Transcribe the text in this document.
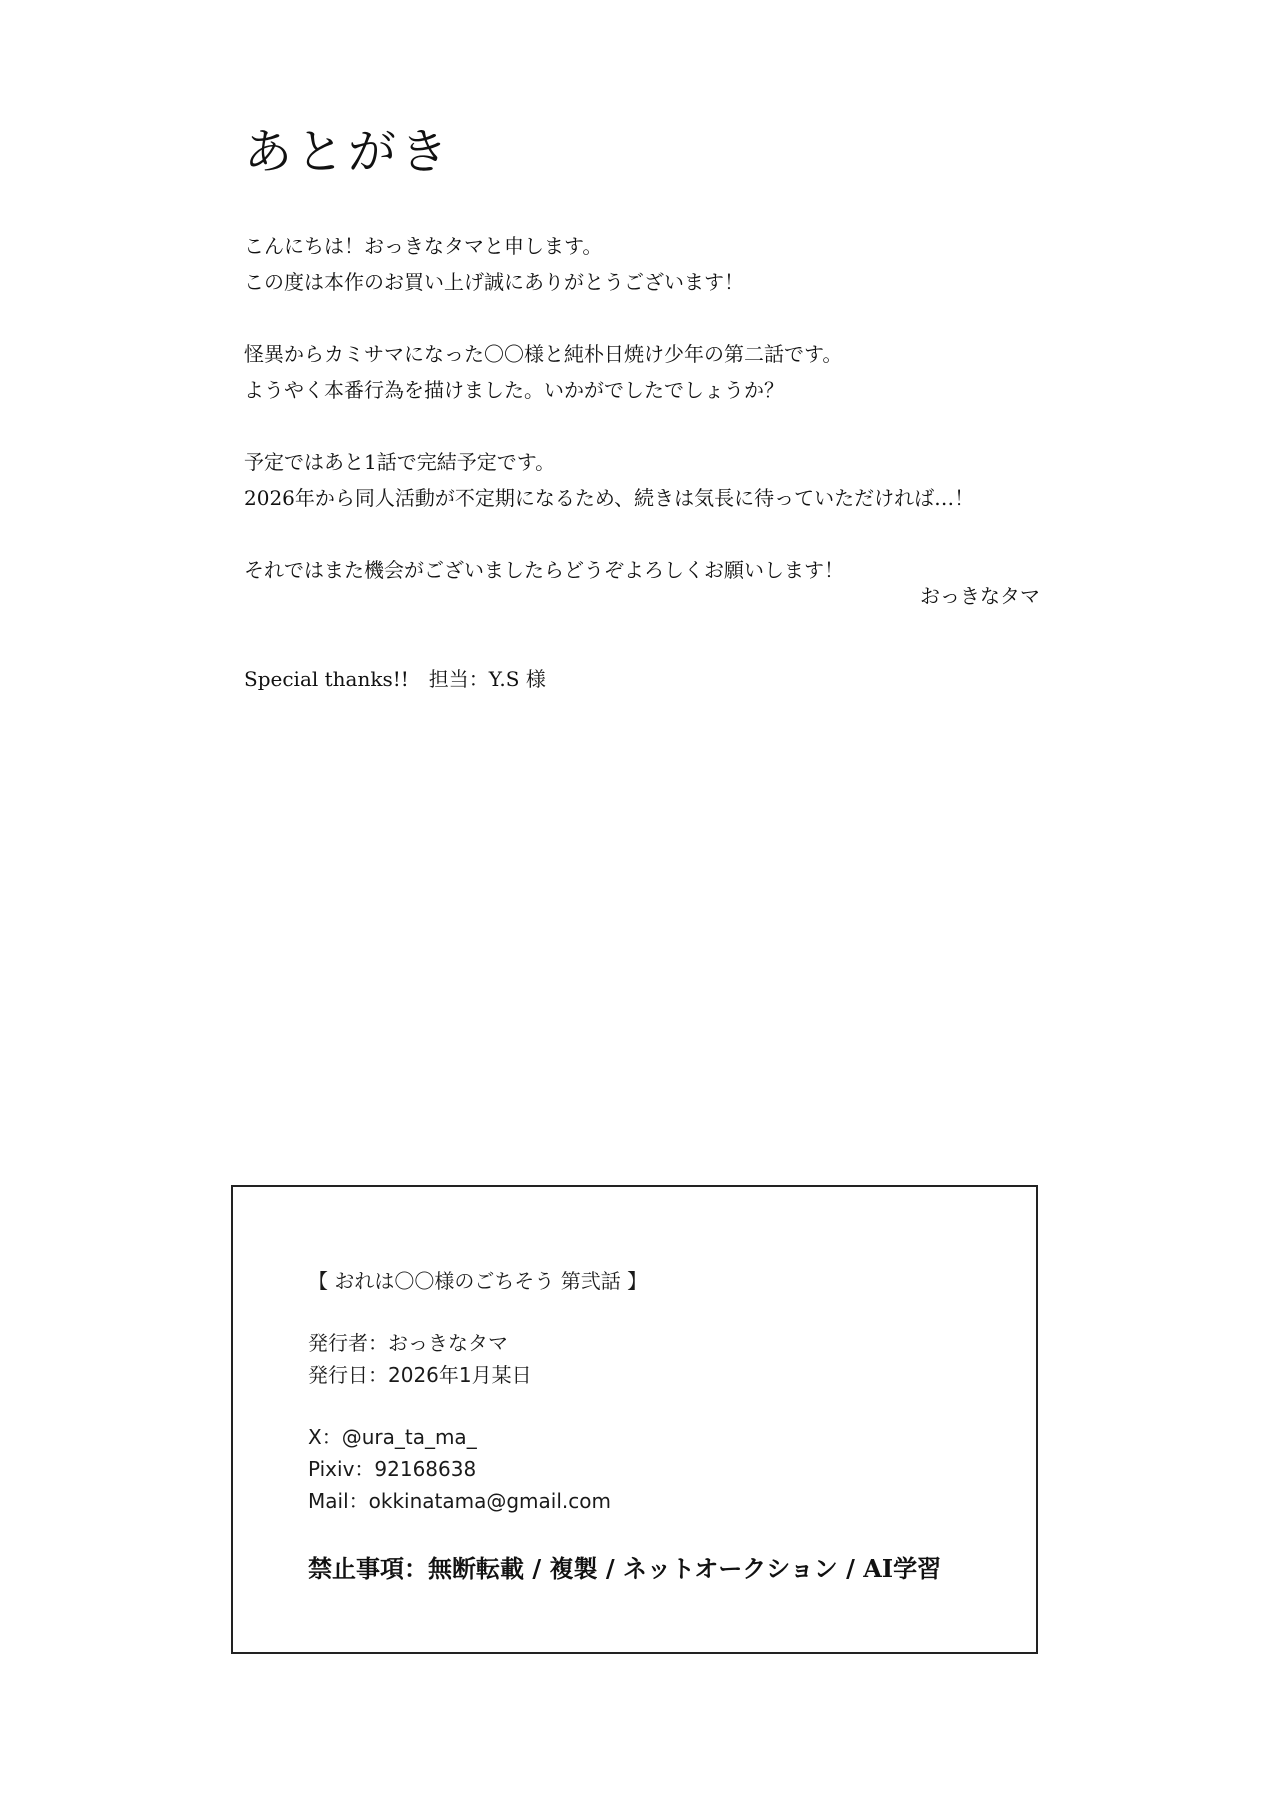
あとがき

こんにちは！おっきなタマと申します。
この度は本作のお買い上げ誠にありがとうございます！

怪異からカミサマになった〇〇様と純朴日焼け少年の第二話です。
ようやく本番行為を描けました。いかがでしたでしょうか？

予定ではあと1話で完結予定です。
2026年から同人活動が不定期になるため、続きは気長に待っていただければ…！

それではまた機会がございましたらどうぞよろしくお願いします！

おっきなタマ
Special thanks!!　担当：Y.S 様
【 おれは〇〇様のごちそう 第弐話 】
発行者：おっきなタマ
発行日：2026年1月某日
X：@ura_ta_ma_
Pixiv：92168638
Mail：okkinatama@gmail.com
禁止事項：無断転載 / 複製 / ネットオークション / AI学習
